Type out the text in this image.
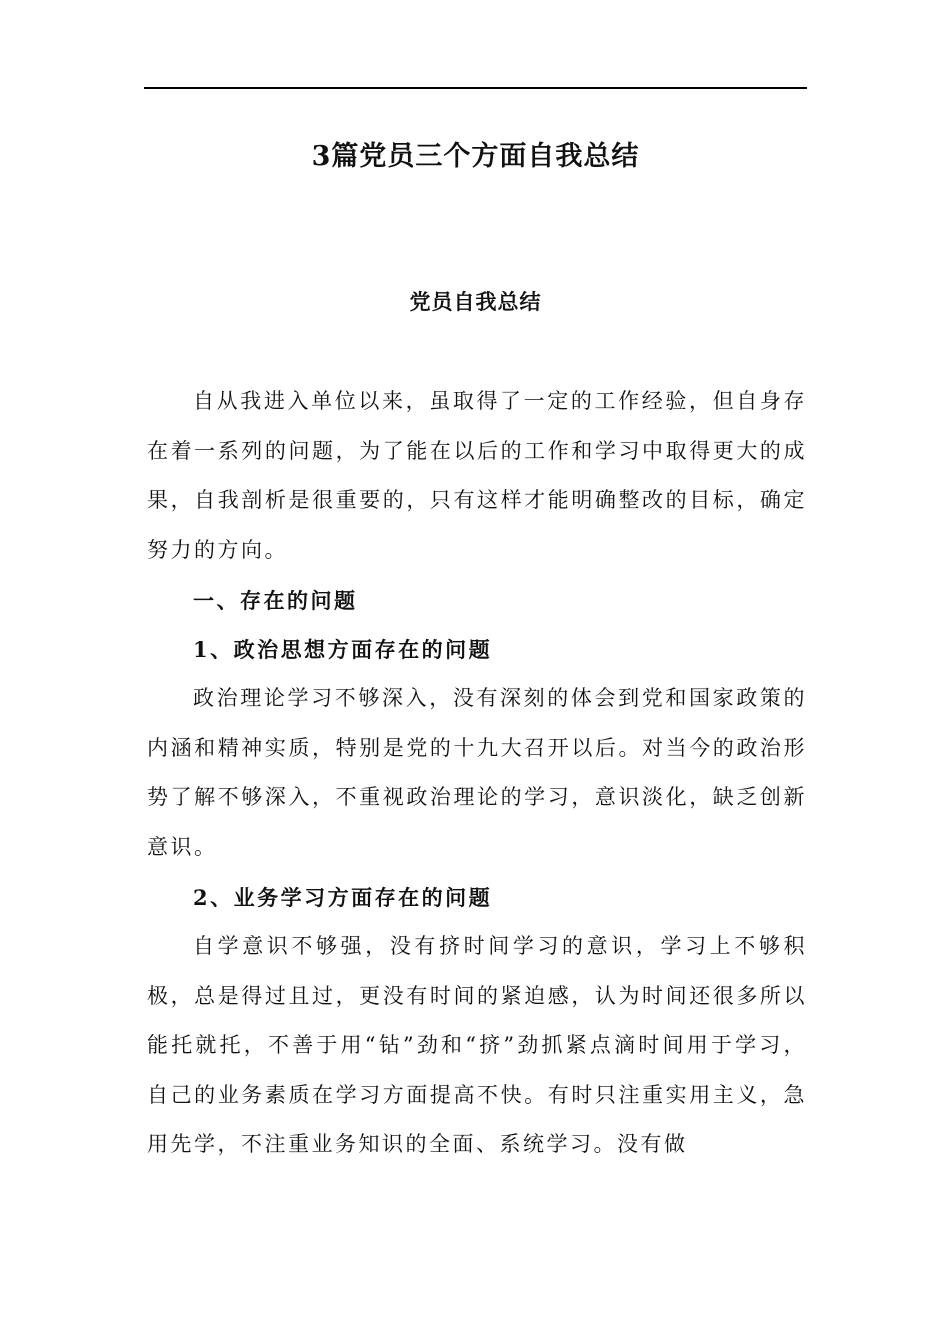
3篇党员三个方面自我总结
党员自我总结
自从我进入单位以来，虽取得了一定的工作经验，但自身存在着一系列的问题，为了能在以后的工作和学习中取得更大的成果，自我剖析是很重要的，只有这样才能明确整改的目标，确定努力的方向。
一、存在的问题
1、政治思想方面存在的问题
政治理论学习不够深入，没有深刻的体会到党和国家政策的内涵和精神实质，特别是党的十九大召开以后。对当今的政治形势了解不够深入，不重视政治理论的学习，意识淡化，缺乏创新意识。
2、业务学习方面存在的问题
自学意识不够强，没有挤时间学习的意识，学习上不够积极，总是得过且过，更没有时间的紧迫感，认为时间还很多所以能托就托，不善于用“钻”劲和“挤”劲抓紧点滴时间用于学习，自己的业务素质在学习方面提高不快。有时只注重实用主义，急用先学，不注重业务知识的全面、系统学习。没有做
